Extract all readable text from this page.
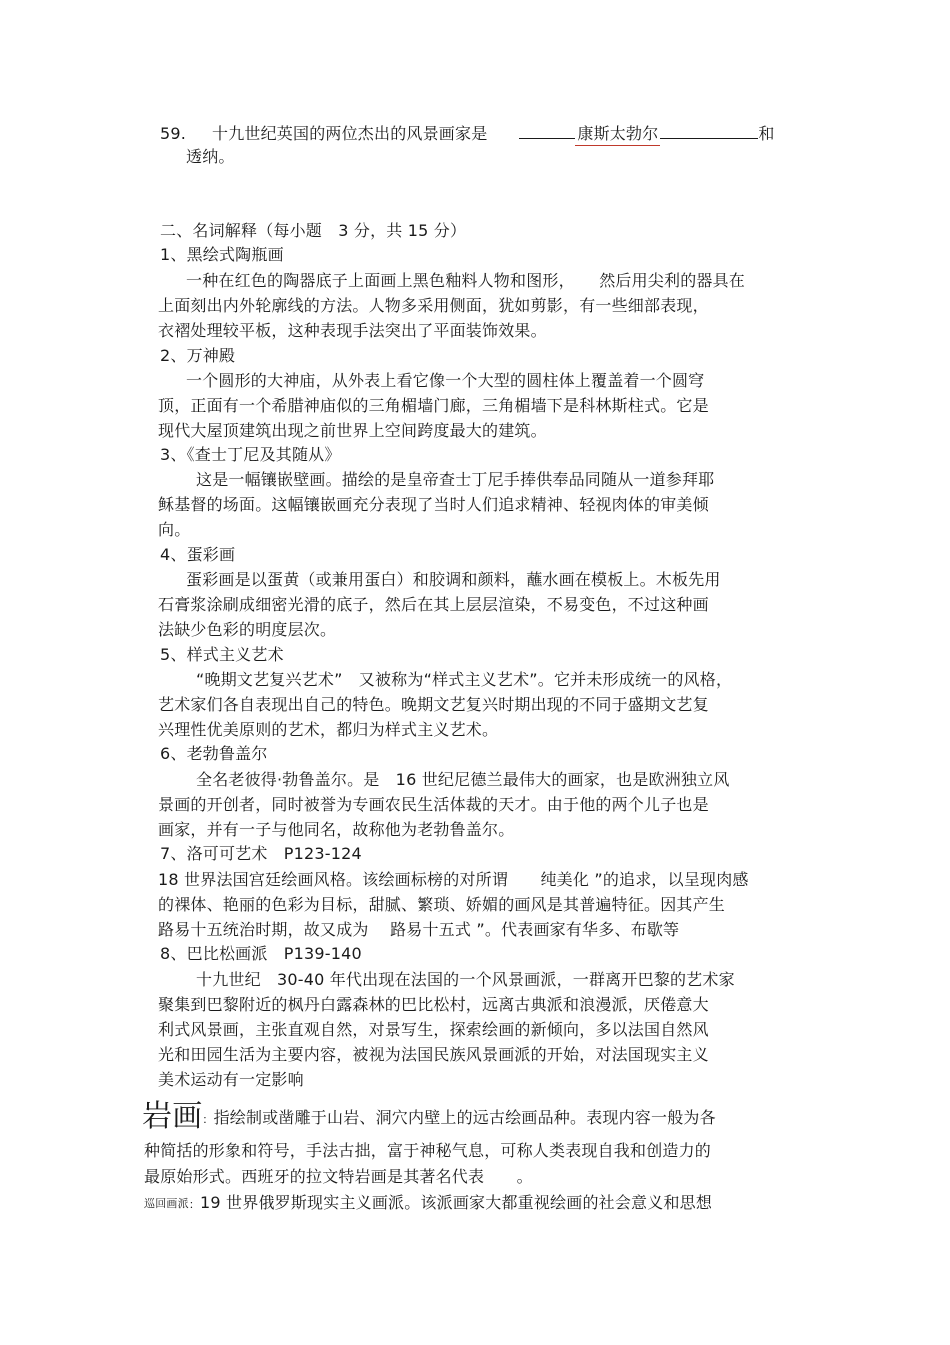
59. 十九世纪英国的两位杰出的风景画家是	康斯太勃尔	和
透纳。
二、名词解释（每小题　3 分，共 15 分）
1、黑绘式陶瓶画
一种在红色的陶器底子上面画上黑色釉料人物和图形，　　然后用尖利的器具在
上面刻出内外轮廓线的方法。人物多采用侧面，犹如剪影，有一些细部表现，
衣褶处理较平板，这种表现手法突出了平面装饰效果。
2、万神殿
一个圆形的大神庙，从外表上看它像一个大型的圆柱体上覆盖着一个圆穹
顶，正面有一个希腊神庙似的三角楣墙门廊，三角楣墙下是科林斯柱式。它是
现代大屋顶建筑出现之前世界上空间跨度最大的建筑。
3、《查士丁尼及其随从》
这是一幅镶嵌壁画。描绘的是皇帝查士丁尼手捧供奉品同随从一道参拜耶
稣基督的场面。这幅镶嵌画充分表现了当时人们追求精神、轻视肉体的审美倾
向。
4、蛋彩画
蛋彩画是以蛋黄（或兼用蛋白）和胶调和颜料，蘸水画在模板上。木板先用
石膏浆涂刷成细密光滑的底子，然后在其上层层渲染，不易变色，不过这种画
法缺少色彩的明度层次。
5、样式主义艺术
“晚期文艺复兴艺术”　又被称为“样式主义艺术”。它并未形成统一的风格，
艺术家们各自表现出自己的特色。晚期文艺复兴时期出现的不同于盛期文艺复
兴理性优美原则的艺术，都归为样式主义艺术。
6、老勃鲁盖尔
全名老彼得·勃鲁盖尔。是　16 世纪尼德兰最伟大的画家，也是欧洲独立风
景画的开创者，同时被誉为专画农民生活体裁的天才。由于他的两个儿子也是
画家，并有一子与他同名，故称他为老勃鲁盖尔。
7、洛可可艺术　P123-124
18 世界法国宫廷绘画风格。该绘画标榜的对所谓　　纯美化 ”的追求，以呈现肉感
的裸体、艳丽的色彩为目标，甜腻、繁琐、娇媚的画风是其普遍特征。因其产生
路易十五统治时期，故又成为　 路易十五式 ”。代表画家有华多、布歇等
8、巴比松画派　P139-140
十九世纪　30-40 年代出现在法国的一个风景画派，一群离开巴黎的艺术家
聚集到巴黎附近的枫丹白露森林的巴比松村，远离古典派和浪漫派，厌倦意大
利式风景画，主张直观自然，对景写生，探索绘画的新倾向，多以法国自然风
光和田园生活为主要内容，被视为法国民族风景画派的开始，对法国现实主义
美术运动有一定影响
岩画：指绘制或凿雕于山岩、洞穴内壁上的远古绘画品种。表现内容一般为各
种简括的形象和符号，手法古拙，富于神秘气息，可称人类表现自我和创造力的
最原始形式。西班牙的拉文特岩画是其著名代表　　。
巡回画派：19 世界俄罗斯现实主义画派。该派画家大都重视绘画的社会意义和思想
